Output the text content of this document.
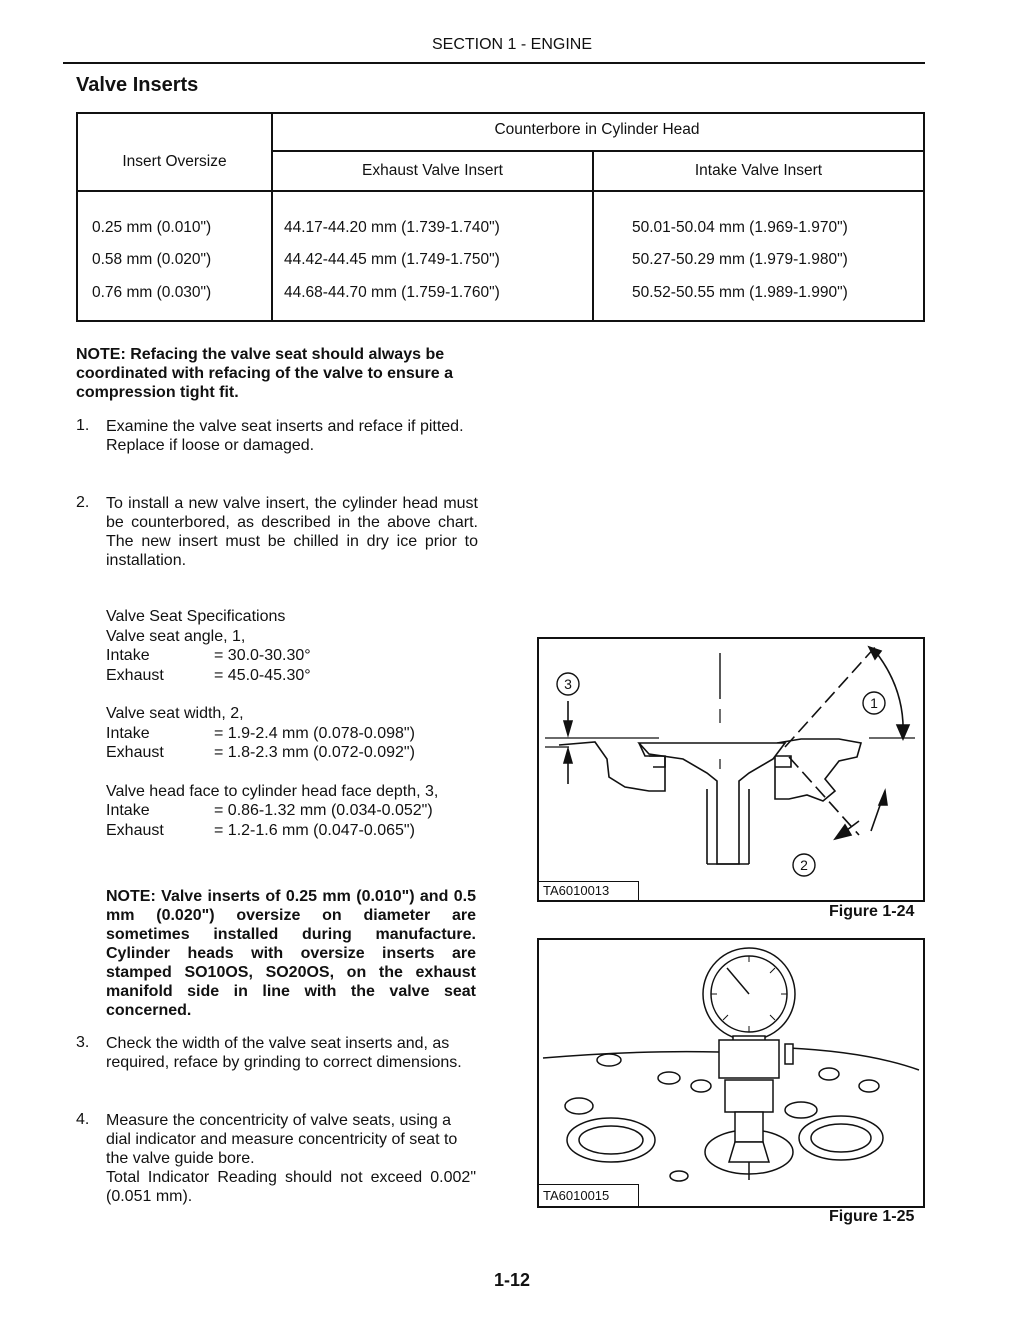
SECTION 1 - ENGINE
Valve Inserts
Counterbore in Cylinder Head
Insert Oversize
Exhaust Valve Insert	Intake Valve Insert
0.25 mm (0.010")	44.17-44.20 mm (1.739-1.740")	50.01-50.04 mm (1.969-1.970")
0.58 mm (0.020")	44.42-44.45 mm (1.749-1.750")	50.27-50.29 mm (1.979-1.980")
0.76 mm (0.030")	44.68-44.70 mm (1.759-1.760")	50.52-50.55 mm (1.989-1.990")
NOTE: Refacing the valve seat should always be coordinated with refacing of the valve to ensure a compression tight fit.
1. Examine the valve seat inserts and reface if pitted. Replace if loose or damaged.
2. To install a new valve insert, the cylinder head must be counterbored, as described in the above chart. The new insert must be chilled in dry ice prior to installation.
Valve Seat Specifications
Valve seat angle, 1,
Intake	= 30.0-30.30°
Exhaust	= 45.0-45.30°
Valve seat width, 2,
Intake	= 1.9-2.4 mm (0.078-0.098")
Exhaust	= 1.8-2.3 mm (0.072-0.092")
Valve head face to cylinder head face depth, 3,
Intake	= 0.86-1.32 mm (0.034-0.052")
Exhaust	= 1.2-1.6 mm (0.047-0.065")
NOTE: Valve inserts of 0.25 mm (0.010") and 0.5 mm (0.020") oversize on diameter are sometimes installed during manufacture. Cylinder heads with oversize inserts are stamped SO10OS, SO20OS, on the exhaust manifold side in line with the valve seat concerned.
3. Check the width of the valve seat inserts and, as required, reface by grinding to correct dimensions.
4. Measure the concentricity of valve seats, using a dial indicator and measure concentricity of seat to the valve guide bore.
Total Indicator Reading should not exceed 0.002" (0.051 mm).
3
1
2
TA6010013
Figure 1-24
TA6010015
Figure 1-25
1-12
